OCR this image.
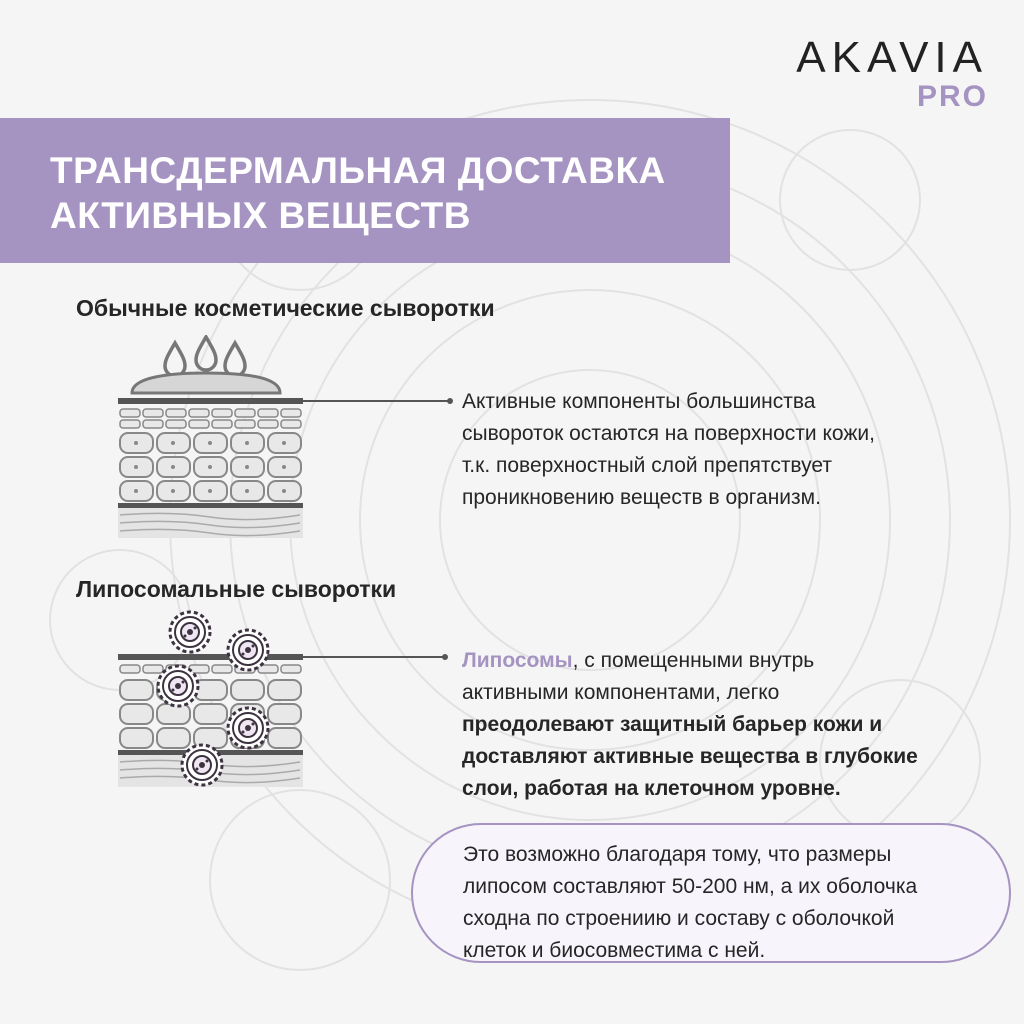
AKAVIA
PRO
ТРАНСДЕРМАЛЬНАЯ ДОСТАВКА
АКТИВНЫХ ВЕЩЕСТВ
Обычные косметические сыворотки

Активные компоненты большинства
сывороток остаются на поверхности кожи,
т.к. поверхностный слой препятствует
проникновению веществ в организм.

Липосомальные сыворотки

Липосомы, с помещенными внутрь
активными компонентами, легко
преодолевают защитный барьер кожи и
доставляют активные вещества в глубокие
слои, работая на клеточном уровне.

Это возможно благодаря тому, что размеры
липосом составляют 50-200 нм, а их оболочка
сходна по строениию и составу с оболочкой
клеток и биосовместима с ней.
